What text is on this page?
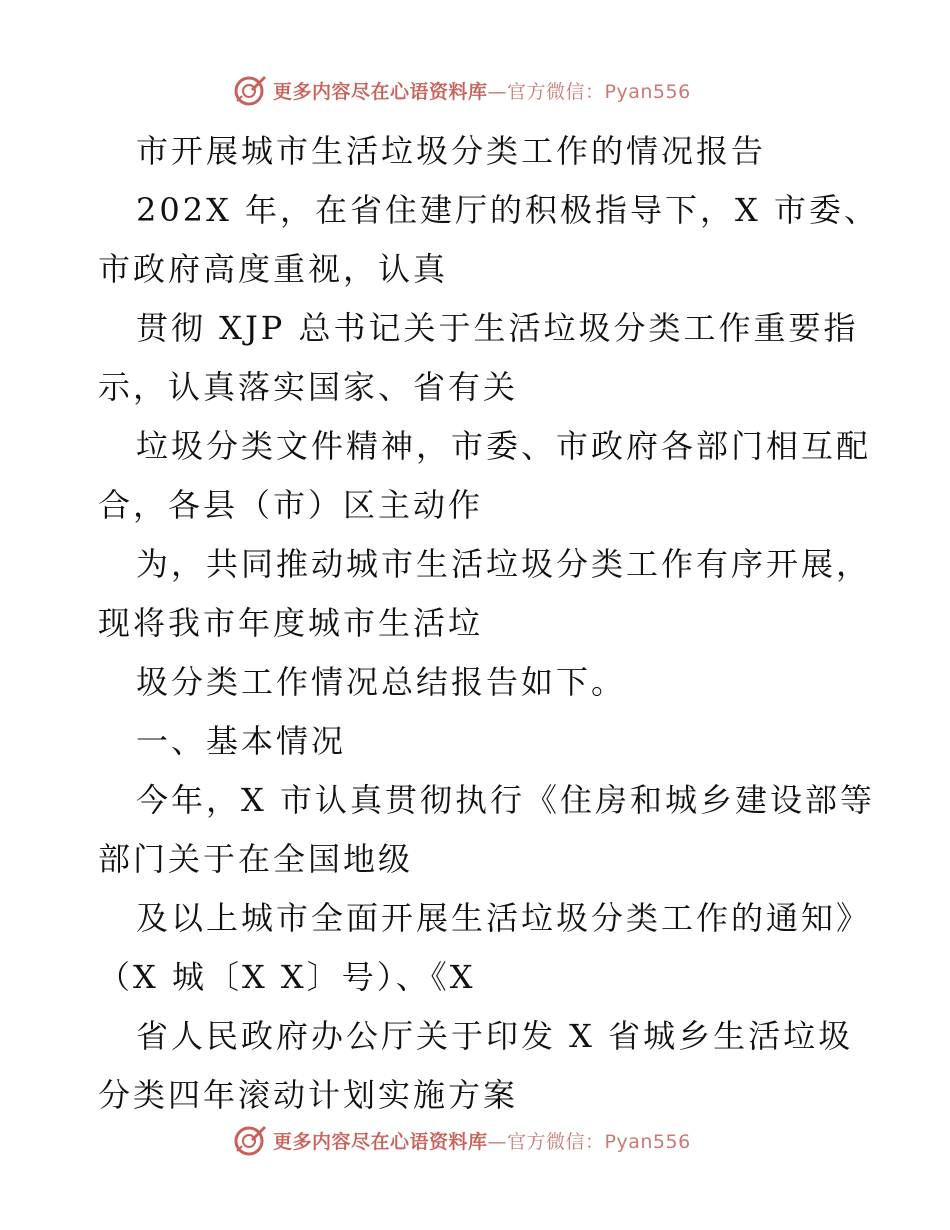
更多内容尽在心语资料库—官方微信：Pyan556
市开展城市生活垃圾分类工作的情况报告
202X 年，在省住建厅的积极指导下，X 市委、
市政府高度重视，认真
贯彻 XJP 总书记关于生活垃圾分类工作重要指
示，认真落实国家、省有关
垃圾分类文件精神，市委、市政府各部门相互配
合，各县（市）区主动作
为，共同推动城市生活垃圾分类工作有序开展，
现将我市年度城市生活垃
圾分类工作情况总结报告如下。
一、基本情况
今年，X 市认真贯彻执行《住房和城乡建设部等
部门关于在全国地级
及以上城市全面开展生活垃圾分类工作的通知》
（X 城〔X X〕号）、《X
省人民政府办公厅关于印发 X 省城乡生活垃圾
分类四年滚动计划实施方案
更多内容尽在心语资料库—官方微信：Pyan556
